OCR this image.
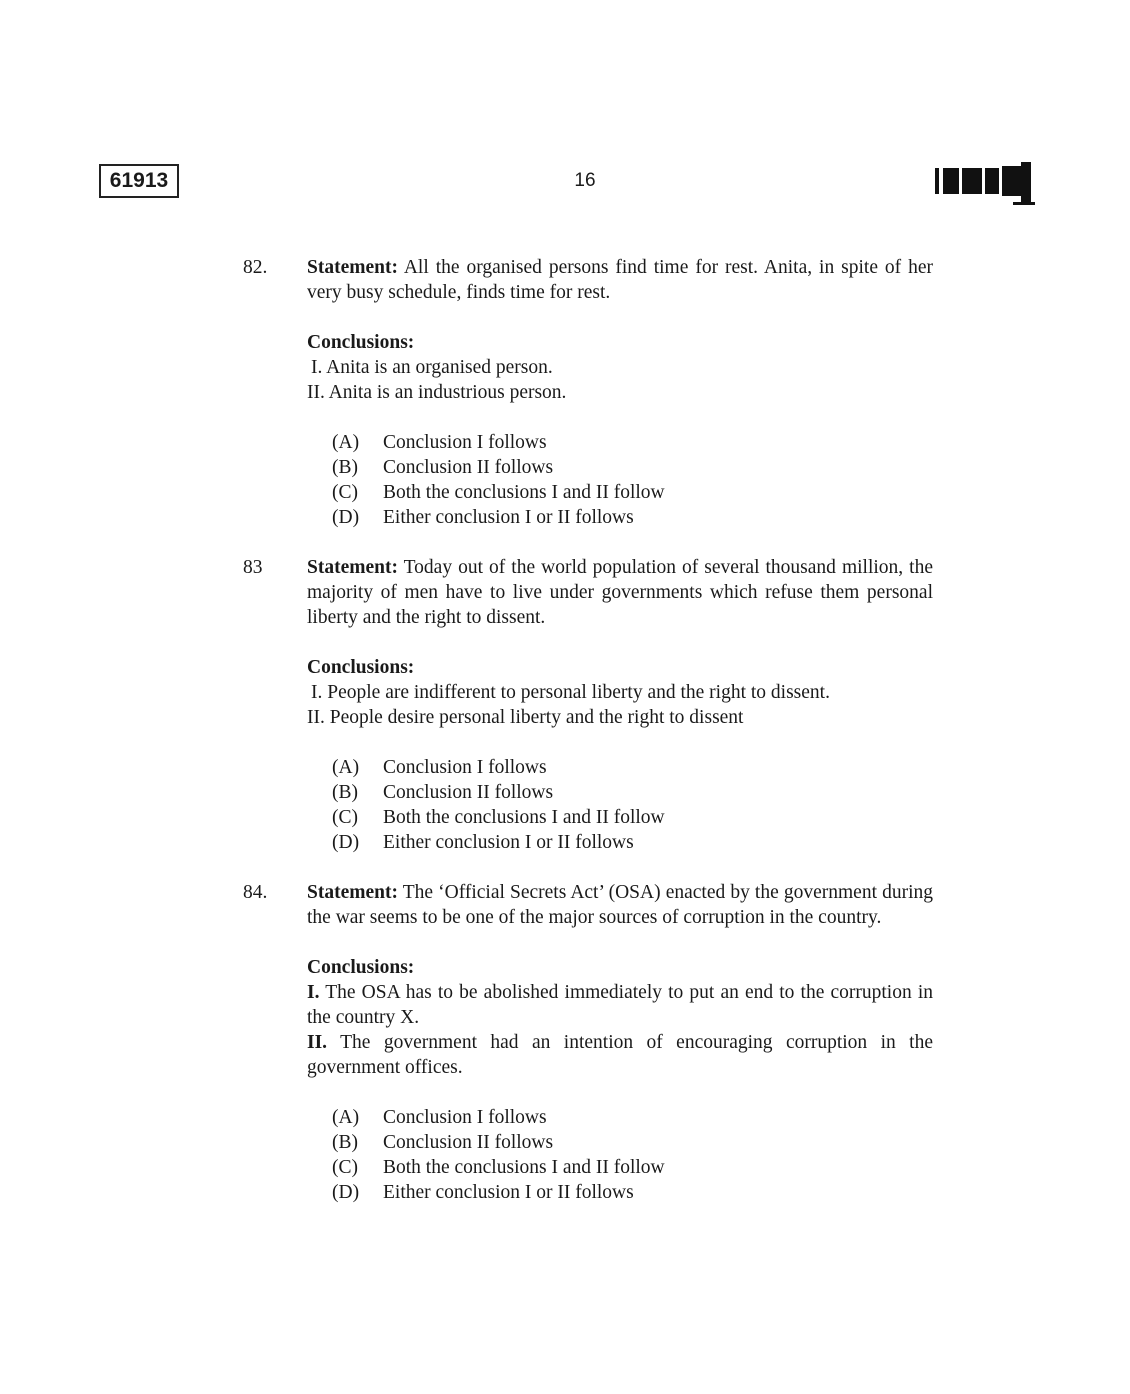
61913	16
82. Statement: All the organised persons find time for rest. Anita, in spite of her very busy schedule, finds time for rest.

Conclusions:

I. Anita is an organised person.

II. Anita is an industrious person.

(A)	Conclusion I follows
(B)	Conclusion II follows
(C)	Both the conclusions I and II follow
(D)	Either conclusion I or II follows
83 Statement: Today out of the world population of several thousand million, the majority of men have to live under governments which refuse them personal liberty and the right to dissent.

Conclusions:

I. People are indifferent to personal liberty and the right to dissent.

II. People desire personal liberty and the right to dissent

(A)	Conclusion I follows
(B)	Conclusion II follows
(C)	Both the conclusions I and II follow
(D)	Either conclusion I or II follows
84. Statement: The ‘Official Secrets Act’ (OSA) enacted by the government during the war seems to be one of the major sources of corruption in the country.

Conclusions:

I. The OSA has to be abolished immediately to put an end to the corruption in the country X.

II. The government had an intention of encouraging corruption in the government offices.

(A)	Conclusion I follows
(B)	Conclusion II follows
(C)	Both the conclusions I and II follow
(D)	Either conclusion I or II follows
